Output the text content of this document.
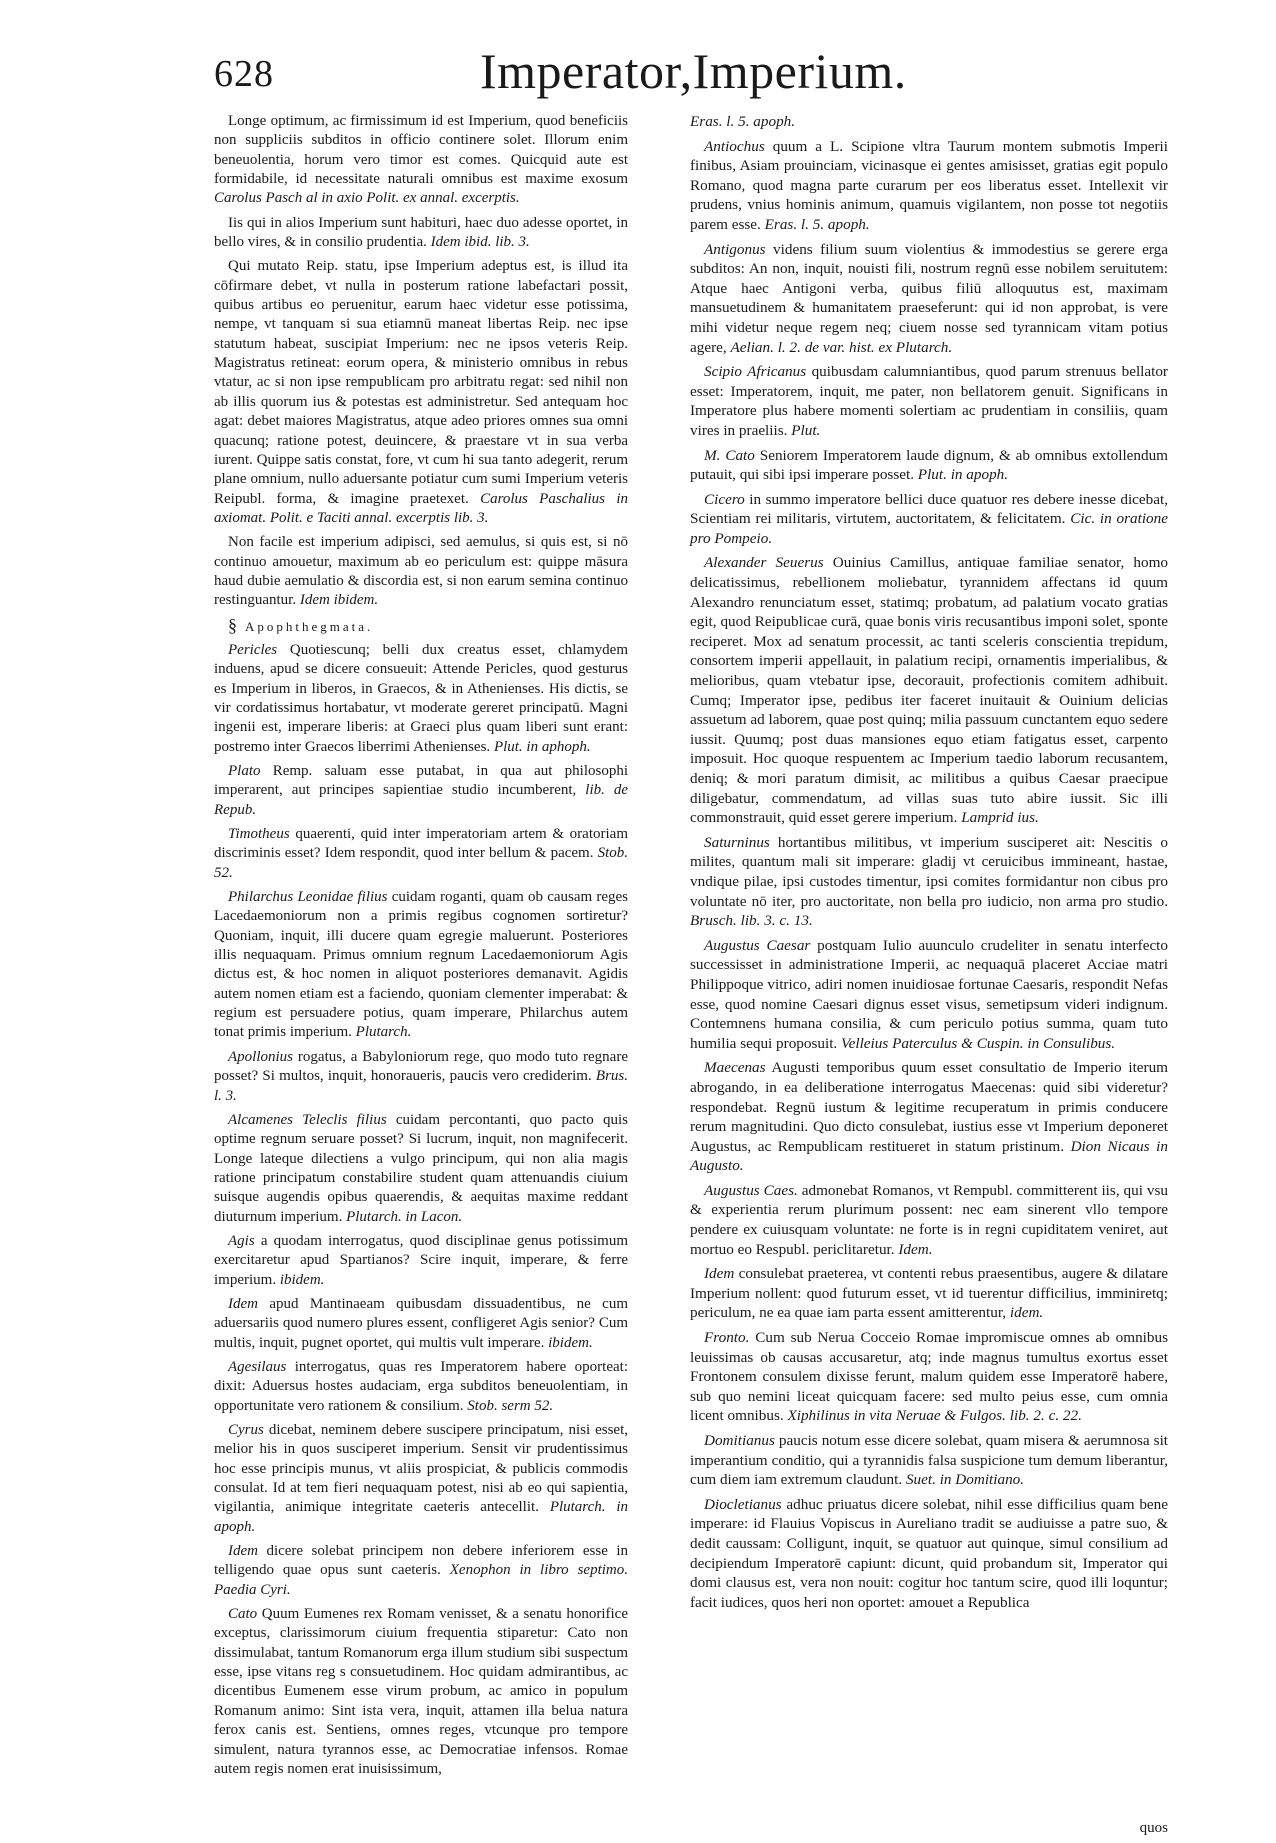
628	Imperator,Imperium.

Longe optimum, ac firmissimum id est Imperium, quod beneficiis non suppliciis subditos in officio continere solet. Illorum enim beneuolentia, horum vero timor est comes. Quicquid aute est formidabile, id necessitate naturali omnibus est maxime exosum Carolus Pasch al in axio Polit. ex annal. excerptis.

Iis qui in alios Imperium sunt habituri, haec duo adesse oportet, in bello vires, & in consilio prudentia. Idem ibid. lib. 3.

Qui mutato Reip. statu, ipse Imperium adeptus est, is illud ita cōfirmare debet, vt nulla in posterum ratione labefactari possit, quibus artibus eo peruenitur, earum haec videtur esse potissima, nempe, vt tanquam si sua etiamnū maneat libertas Reip. nec ipse statutum habeat, suscipiat Imperium: nec ne ipsos veteris Reip. Magistratus retineat: eorum opera, & ministerio omnibus in rebus vtatur, ac si non ipse rempublicam pro arbitratu regat: sed nihil non ab illis quorum ius & potestas est administretur. Sed antequam hoc agat: debet maiores Magistratus, atque adeo priores omnes sua omni quacunq; ratione potest, deuincere, & praestare vt in sua verba iurent. Quippe satis constat, fore, vt cum hi sua tanto adegerit, rerum plane omnium, nullo aduersante potiatur cum sumi Imperium veteris Reipubl. forma, & imagine praetexet. Carolus Paschalius in axiomat. Polit. e Taciti annal. excerptis lib. 3.

Non facile est imperium adipisci, sed aemulus, si quis est, si nō continuo amouetur, maximum ab eo periculum est: quippe māsura haud dubie aemulatio & discordia est, si non earum semina continuo restinguantur. Idem ibidem.

§ Apophthegmata.

Pericles Quotiescunq; belli dux creatus esset, chlamydem induens, apud se dicere consueuit: Attende Pericles, quod gesturus es Imperium in liberos, in Graecos, & in Athenienses. His dictis, se vir cordatissimus hortabatur, vt moderate gereret principatū. Magni ingenii est, imperare liberis: at Graeci plus quam liberi sunt erant: postremo inter Graecos liberrimi Athenienses. Plut. in aphoph.

Plato Remp. saluam esse putabat, in qua aut philosophi imperarent, aut principes sapientiae studio incumberent, lib. de Repub.

Timotheus quaerenti, quid inter imperatoriam artem & oratoriam discriminis esset? Idem respondit, quod inter bellum & pacem. Stob. 52.

Philarchus Leonidae filius cuidam roganti, quam ob causam reges Lacedaemoniorum non a primis regibus cognomen sortiretur? Quoniam, inquit, illi ducere quam egregie maluerunt. Posteriores illis nequaquam. Primus omnium regnum Lacedaemoniorum Agis dictus est, & hoc nomen in aliquot posteriores demanavit. Agidis autem nomen etiam est a faciendo, quoniam clementer imperabat: & regium est persuadere potius, quam imperare, Philarchus autem tonat primis imperium. Plutarch.

Apollonius rogatus, a Babyloniorum rege, quo modo tuto regnare posset? Si multos, inquit, honoraueris, paucis vero crediderim. Brus. l. 3.

Alcamenes Teleclis filius cuidam percontanti, quo pacto quis optime regnum seruare posset? Si lucrum, inquit, non magnifecerit. Longe lateque dilectiens a vulgo principum, qui non alia magis ratione principatum constabilire student quam attenuandis ciuium suisque augendis opibus quaerendis, & aequitas maxime reddant diuturnum imperium. Plutarch. in Lacon.

Agis a quodam interrogatus, quod disciplinae genus potissimum exercitaretur apud Spartianos? Scire inquit, imperare, & ferre imperium. ibidem.

Idem apud Mantinaeam quibusdam dissuadentibus, ne cum aduersariis quod numero plures essent, confligeret Agis senior? Cum multis, inquit, pugnet oportet, qui multis vult imperare. ibidem.

Agesilaus interrogatus, quas res Imperatorem habere oporteat: dixit: Aduersus hostes audaciam, erga subditos beneuolentiam, in opportunitate vero rationem & consilium. Stob. serm 52.

Cyrus dicebat, neminem debere suscipere principatum, nisi esset, melior his in quos susciperet imperium. Sensit vir prudentissimus hoc esse principis munus, vt aliis prospiciat, & publicis commodis consulat. Id at tem fieri nequaquam potest, nisi ab eo qui sapientia, vigilantia, animique integritate caeteris antecellit. Plutarch. in apoph.

Idem dicere solebat principem non debere inferiorem esse in telligendo quae opus sunt caeteris. Xenophon in libro septimo. Paedia Cyri.

Cato Quum Eumenes rex Romam venisset, & a senatu honorifice exceptus, clarissimorum ciuium frequentia stiparetur: Cato non dissimulabat, tantum Romanorum erga illum studium sibi suspectum esse, ipse vitans reg s consuetudinem. Hoc quidam admirantibus, ac dicentibus Eumenem esse virum probum, ac amico in populum Romanum animo: Sint ista vera, inquit, attamen illa belua natura ferox canis est. Sentiens, omnes reges, vtcunque pro tempore simulent, natura tyrannos esse, ac Democratiae infensos. Romae autem regis nomen erat inuisissimum,

Eras. l. 5. apoph.

Antiochus quum a L. Scipione vltra Taurum montem submotis Imperii finibus, Asiam prouinciam, vicinasque ei gentes amisisset, gratias egit populo Romano, quod magna parte curarum per eos liberatus esset. Intellexit vir prudens, vnius hominis animum, quamuis vigilantem, non posse tot negotiis parem esse. Eras. l. 5. apoph.

Antigonus videns filium suum violentius & immodestius se gerere erga subditos: An non, inquit, nouisti fili, nostrum regnū esse nobilem seruitutem: Atque haec Antigoni verba, quibus filiū alloquutus est, maximam mansuetudinem & humanitatem praeseferunt: qui id non approbat, is vere mihi videtur neque regem neq; ciuem nosse sed tyrannicam vitam potius agere, Aelian. l. 2. de var. hist. ex Plutarch.

Scipio Africanus quibusdam calumniantibus, quod parum strenuus bellator esset: Imperatorem, inquit, me pater, non bellatorem genuit. Significans in Imperatore plus habere momenti solertiam ac prudentiam in consiliis, quam vires in praeliis. Plut.

M. Cato Seniorem Imperatorem laude dignum, & ab omnibus extollendum putauit, qui sibi ipsi imperare posset. Plut. in apoph.

Cicero in summo imperatore bellici duce quatuor res debere inesse dicebat, Scientiam rei militaris, virtutem, auctoritatem, & felicitatem. Cic. in oratione pro Pompeio.

Alexander Seuerus Ouinius Camillus, antiquae familiae senator, homo delicatissimus, rebellionem moliebatur, tyrannidem affectans id quum Alexandro renunciatum esset, statimq; probatum, ad palatium vocato gratias egit, quod Reipublicae curā, quae bonis viris recusantibus imponi solet, sponte reciperet. Mox ad senatum processit, ac tanti sceleris conscientia trepidum, consortem imperii appellauit, in palatium recipi, ornamentis imperialibus, & melioribus, quam vtebatur ipse, decorauit, profectionis comitem adhibuit. Cumq; Imperator ipse, pedibus iter faceret inuitauit & Ouinium delicias assuetum ad laborem, quae post quinq; milia passuum cunctantem equo sedere iussit. Quumq; post duas mansiones equo etiam fatigatus esset, carpento imposuit. Hoc quoque respuentem ac Imperium taedio laborum recusantem, deniq; & mori paratum dimisit, ac militibus a quibus Caesar praecipue diligebatur, commendatum, ad villas suas tuto abire iussit. Sic illi commonstrauit, quid esset gerere imperium. Lamprid ius.

Saturninus hortantibus militibus, vt imperium susciperet ait: Nescitis o milites, quantum mali sit imperare: gladij vt ceruicibus immineant, hastae, vndique pilae, ipsi custodes timentur, ipsi comites formidantur non cibus pro voluntate nō iter, pro auctoritate, non bella pro iudicio, non arma pro studio. Brusch. lib. 3. c. 13.

Augustus Caesar postquam Iulio auunculo crudeliter in senatu interfecto successisset in administratione Imperii, ac nequaquā placeret Acciae matri Philippoque vitrico, adiri nomen inuidiosae fortunae Caesaris, respondit Nefas esse, quod nomine Caesari dignus esset visus, semetipsum videri indignum. Contemnens humana consilia, & cum periculo potius summa, quam tuto humilia sequi proposuit. Velleius Paterculus & Cuspin. in Consulibus.

Maecenas Augusti temporibus quum esset consultatio de Imperio iterum abrogando, in ea deliberatione interrogatus Maecenas: quid sibi videretur? respondebat. Regnū iustum & legitime recuperatum in primis conducere rerum magnitudini. Quo dicto consulebat, iustius esse vt Imperium deponeret Augustus, ac Rempublicam restitueret in statum pristinum. Dion Nicaus in Augusto.

Augustus Caes. admonebat Romanos, vt Rempubl. committerent iis, qui vsu & experientia rerum plurimum possent: nec eam sinerent vllo tempore pendere ex cuiusquam voluntate: ne forte is in regni cupiditatem veniret, aut mortuo eo Respubl. periclitaretur. Idem.

Idem consulebat praeterea, vt contenti rebus praesentibus, augere & dilatare Imperium nollent: quod futurum esset, vt id tuerentur difficilius, imminiretq; periculum, ne ea quae iam parta essent amitterentur, idem.

Fronto. Cum sub Nerua Cocceio Romae impromiscue omnes ab omnibus leuissimas ob causas accusaretur, atq; inde magnus tumultus exortus esset Frontonem consulem dixisse ferunt, malum quidem esse Imperatorē habere, sub quo nemini liceat quicquam facere: sed multo peius esse, cum omnia licent omnibus. Xiphilinus in vita Neruae & Fulgos. lib. 2. c. 22.

Domitianus paucis notum esse dicere solebat, quam misera & aerumnosa sit imperantium conditio, qui a tyrannidis falsa suspicione tum demum liberantur, cum diem iam extremum claudunt. Suet. in Domitiano.

Diocletianus adhuc priuatus dicere solebat, nihil esse difficilius quam bene imperare: id Flauius Vopiscus in Aureliano tradit se audiuisse a patre suo, & dedit caussam: Colligunt, inquit, se quatuor aut quinque, simul consilium ad decipiendum Imperatorē capiunt: dicunt, quid probandum sit, Imperator qui domi clausus est, vera non nouit: cogitur hoc tantum scire, quod illi loquntur; facit iudices, quos heri non oportet: amouet a Republica

quos
